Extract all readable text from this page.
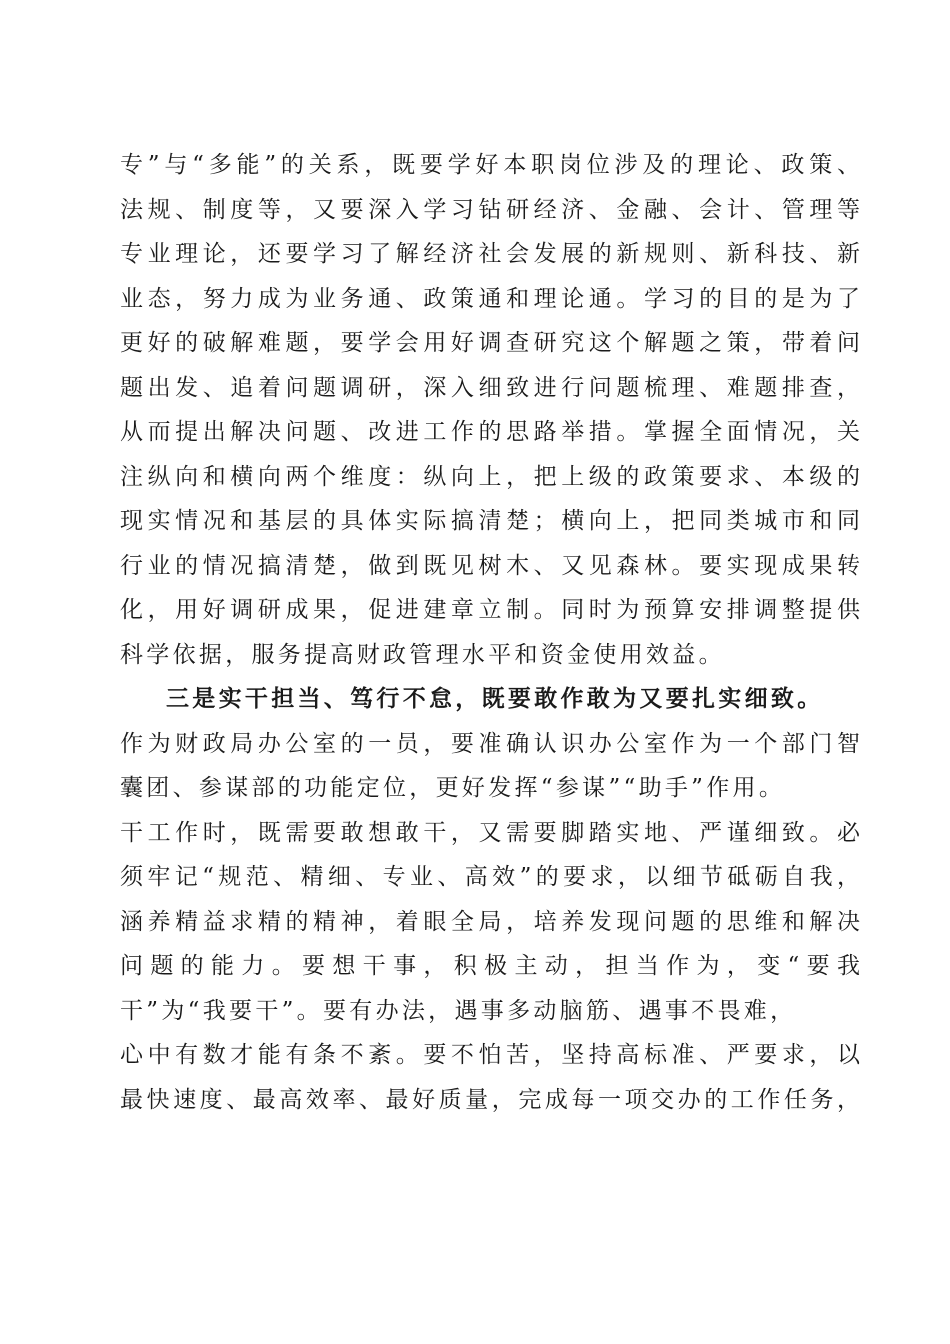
专”与“多能”的关系，既要学好本职岗位涉及的理论、政策、
法规、制度等，又要深入学习钻研经济、金融、会计、管理等
专业理论，还要学习了解经济社会发展的新规则、新科技、新
业态，努力成为业务通、政策通和理论通。学习的目的是为了
更好的破解难题，要学会用好调查研究这个解题之策，带着问
题出发、追着问题调研，深入细致进行问题梳理、难题排查，
从而提出解决问题、改进工作的思路举措。掌握全面情况，关
注纵向和横向两个维度：纵向上，把上级的政策要求、本级的
现实情况和基层的具体实际搞清楚；横向上，把同类城市和同
行业的情况搞清楚，做到既见树木、又见森林。要实现成果转
化，用好调研成果，促进建章立制。同时为预算安排调整提供
科学依据，服务提高财政管理水平和资金使用效益。
三是实干担当、笃行不怠，既要敢作敢为又要扎实细致。
作为财政局办公室的一员，要准确认识办公室作为一个部门智
囊团、参谋部的功能定位，更好发挥“参谋”“助手”作用。
干工作时，既需要敢想敢干，又需要脚踏实地、严谨细致。必
须牢记“规范、精细、专业、高效”的要求，以细节砥砺自我，
涵养精益求精的精神，着眼全局，培养发现问题的思维和解决
问题的能力。要想干事，积极主动，担当作为，变“要我
干”为“我要干”。要有办法，遇事多动脑筋、遇事不畏难，
心中有数才能有条不紊。要不怕苦，坚持高标准、严要求，以
最快速度、最高效率、最好质量，完成每一项交办的工作任务，
